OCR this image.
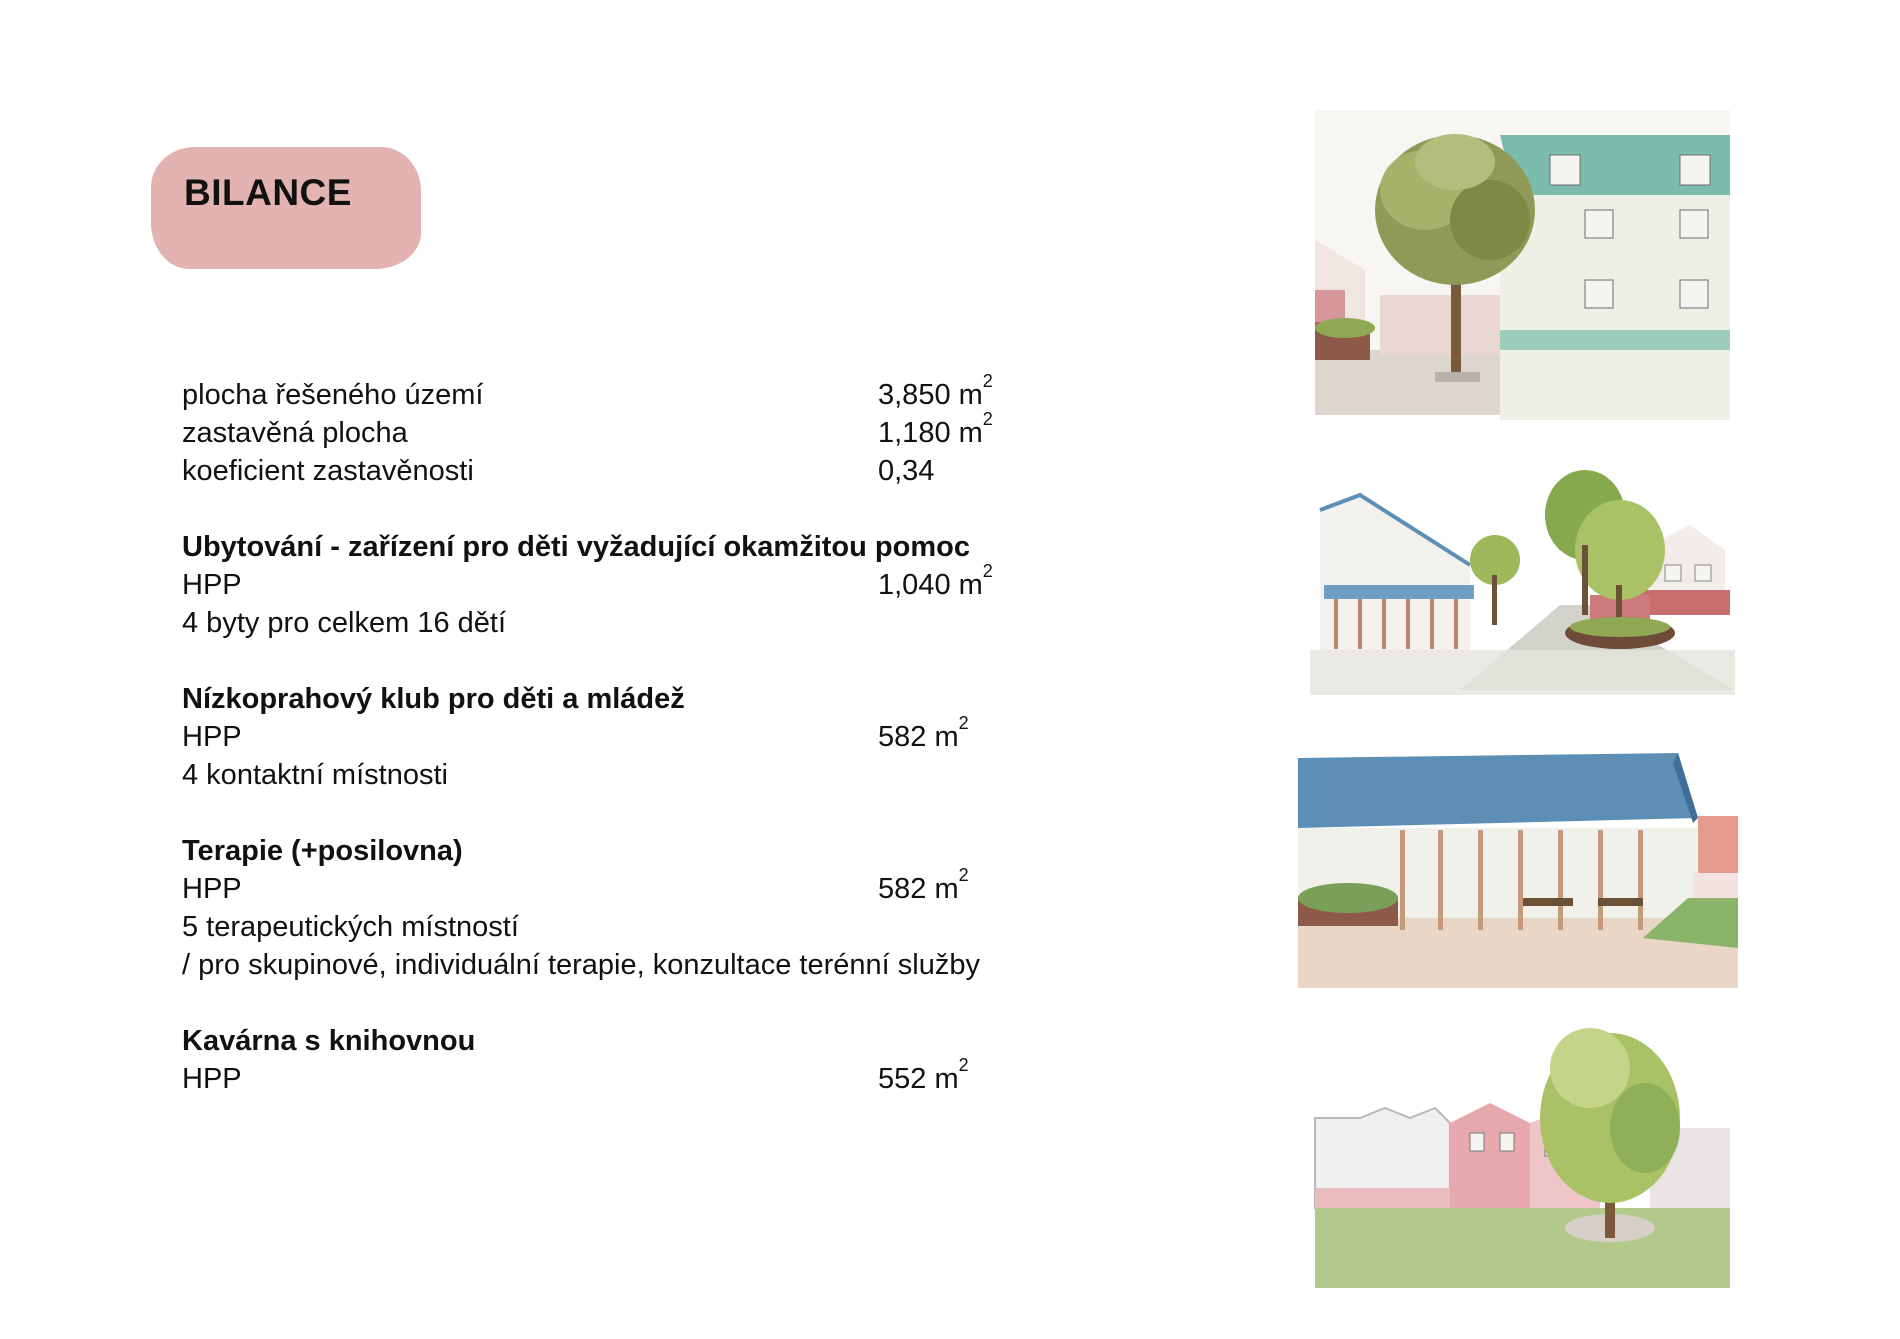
BILANCE
plocha řešeného území	3,850 $m^2$
zastavěná plocha	1,180 $m^2$
koeficient zastavěnosti	0,34
Ubytování - zařízení pro děti vyžadující okamžitou pomoc
HPP	1,040 $m^2$
4 byty pro celkem 16 dětí
Nízkoprahový klub pro děti a mládež
HPP	582 $m^2$
4 kontaktní místnosti
Terapie (+posilovna)
HPP	582 $m^2$
5 terapeutických místností
/ pro skupinové, individuální terapie, konzultace terénní služby
Kavárna s knihovnou
HPP	552 $m^2$
